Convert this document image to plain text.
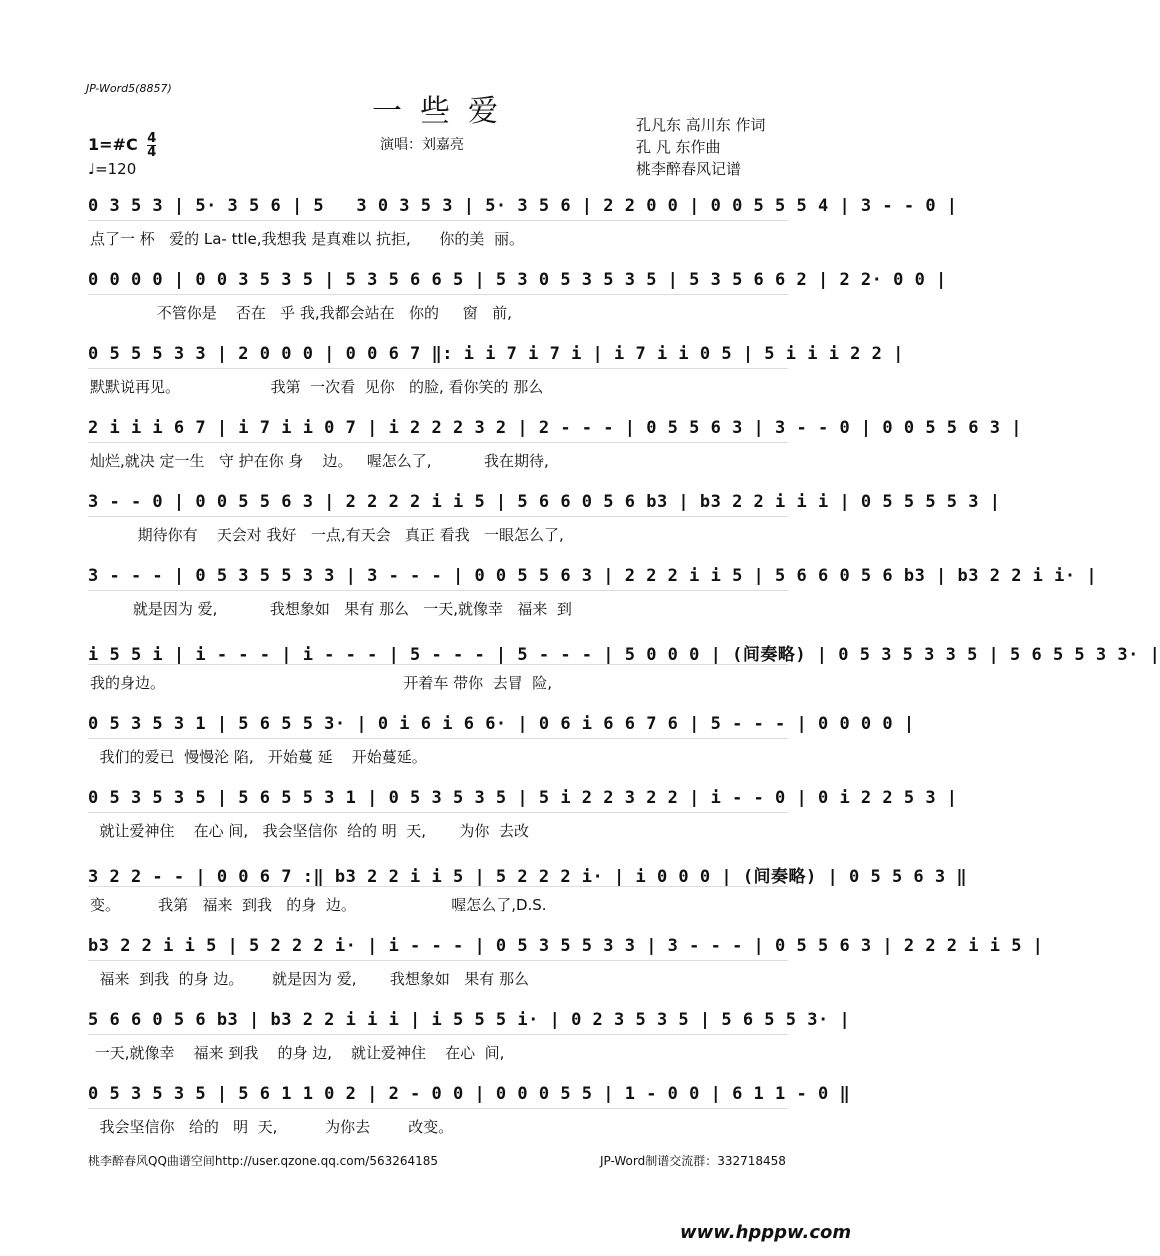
JP-Word5(8857)
一些爱
演唱：刘嘉亮
孔凡东 高川东 作词
孔 凡 东作曲
桃李醉春风记谱
1=#C $\frac{4}{4}$
♩=120
0 3 5 3 | 5· 3 5 6 | 5   3 0 3 5 3 | 5· 3 5 6 | 2 2 0 0 | 0 0 5 5 5 4 | 3 - - 0 |
点了一 杯   爱的 La- ttle,我想我 是真难以 抗拒,      你的美  丽。
0 0 0 0 | 0 0 3 5 3 5 | 5 3 5 6 6 5 | 5 3 0 5 3 5 3 5 | 5 3 5 6 6 2 | 2 2· 0 0 |
不管你是    否在   乎 我,我都会站在   你的     窗   前,
0 5 5 5 3 3 | 2 0 0 0 | 0 0 6 7 ‖: i i 7 i 7 i | i 7 i i 0 5 | 5 i i i 2 2 |
默默说再见。                   我第  一次看  见你   的脸, 看你笑的 那么
2 i i i 6 7 | i 7 i i 0 7 | i 2 2 2 3 2 | 2 - - - | 0 5 5 6 3 | 3 - - 0 | 0 0 5 5 6 3 |
灿烂,就决 定一生   守 护在你 身    边。   喔怎么了,           我在期待,
3 - - 0 | 0 0 5 5 6 3 | 2 2 2 2 i i 5 | 5 6 6 0 5 6 b3 | b3 2 2 i i i | 0 5 5 5 5 3 |
期待你有    天会对 我好   一点,有天会   真正 看我   一眼怎么了,
3 - - - | 0 5 3 5 5 3 3 | 3 - - - | 0 0 5 5 6 3 | 2 2 2 i i 5 | 5 6 6 0 5 6 b3 | b3 2 2 i i· |
就是因为 爱,           我想象如   果有 那么   一天,就像幸   福来  到
i 5 5 i | i - - - | i - - - | 5 - - - | 5 - - - | 5 0 0 0 | (间奏略) | 0 5 3 5 3 3 5 | 5 6 5 5 3 3· |
我的身边。                                                  开着车 带你  去冒  险,
0 5 3 5 3 1 | 5 6 5 5 3· | 0 i 6 i 6 6· | 0 6 i 6 6 7 6 | 5 - - - | 0 0 0 0 |
我们的爱已  慢慢沦 陷,   开始蔓 延    开始蔓延。
0 5 3 5 3 5 | 5 6 5 5 3 1 | 0 5 3 5 3 5 | 5 i 2 2 3 2 2 | i - - 0 | 0 i 2 2 5 3 |
就让爱神住    在心 间,   我会坚信你  给的 明  天,       为你  去改
3 2 2 - - | 0 0 6 7 :‖ b3 2 2 i i 5 | 5 2 2 2 i· | i 0 0 0 | (间奏略) | 0 5 5 6 3 ‖
变。        我第   福来  到我   的身  边。                    喔怎么了,D.S.
b3 2 2 i i 5 | 5 2 2 2 i· | i - - - | 0 5 3 5 5 3 3 | 3 - - - | 0 5 5 6 3 | 2 2 2 i i 5 |
福来  到我  的身 边。      就是因为 爱,       我想象如   果有 那么
5 6 6 0 5 6 b3 | b3 2 2 i i i | i 5 5 5 i· | 0 2 3 5 3 5 | 5 6 5 5 3· |
一天,就像幸    福来 到我    的身 边,    就让爱神住    在心  间,
0 5 3 5 3 5 | 5 6 1 1 0 2 | 2 - 0 0 | 0 0 0 5 5 | 1 - 0 0 | 6 1 1 - 0 ‖
我会坚信你   给的   明  天,          为你去        改变。
桃李醉春风QQ曲谱空间http://user.qzone.qq.com/563264185	JP-Word制谱交流群：332718458
www.hpppw.com
